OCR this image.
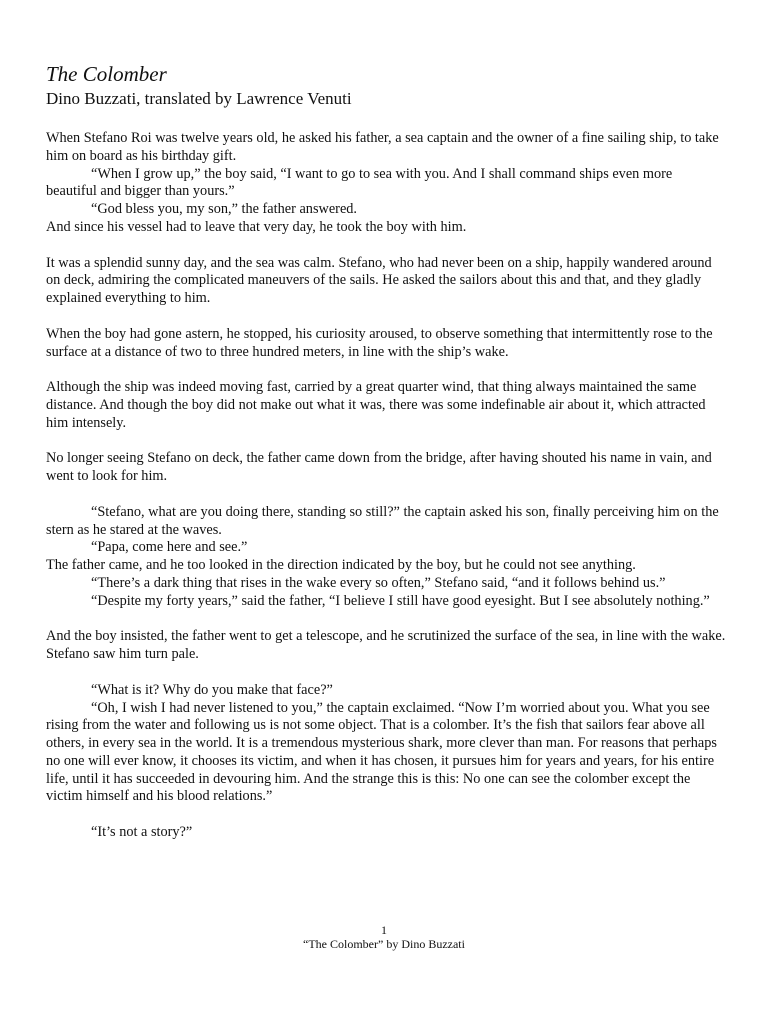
The Colomber
Dino Buzzati, translated by Lawrence Venuti

When Stefano Roi was twelve years old, he asked his father, a sea captain and the owner of a fine sailing ship, to take him on board as his birthday gift.

“When I grow up,” the boy said, “I want to go to sea with you. And I shall command ships even more beautiful and bigger than yours.”

“God bless you, my son,” the father answered.

And since his vessel had to leave that very day, he took the boy with him.

It was a splendid sunny day, and the sea was calm. Stefano, who had never been on a ship, happily wandered around on deck, admiring the complicated maneuvers of the sails. He asked the sailors about this and that, and they gladly explained everything to him.

When the boy had gone astern, he stopped, his curiosity aroused, to observe something that intermittently rose to the surface at a distance of two to three hundred meters, in line with the ship’s wake.

Although the ship was indeed moving fast, carried by a great quarter wind, that thing always maintained the same distance. And though the boy did not make out what it was, there was some indefinable air about it, which attracted him intensely.

No longer seeing Stefano on deck, the father came down from the bridge, after having shouted his name in vain, and went to look for him.

“Stefano, what are you doing there, standing so still?” the captain asked his son, finally perceiving him on the stern as he stared at the waves.

“Papa, come here and see.”

The father came, and he too looked in the direction indicated by the boy, but he could not see anything.

“There’s a dark thing that rises in the wake every so often,” Stefano said, “and it follows behind us.”

“Despite my forty years,” said the father, “I believe I still have good eyesight. But I see absolutely nothing.”

And the boy insisted, the father went to get a telescope, and he scrutinized the surface of the sea, in line with the wake. Stefano saw him turn pale.

“What is it? Why do you make that face?”

“Oh, I wish I had never listened to you,” the captain exclaimed. “Now I’m worried about you. What you see rising from the water and following us is not some object. That is a colomber. It’s the fish that sailors fear above all others, in every sea in the world. It is a tremendous mysterious shark, more clever than man. For reasons that perhaps no one will ever know, it chooses its victim, and when it has chosen, it pursues him for years and years, for his entire life, until it has succeeded in devouring him. And the strange this is this: No one can see the colomber except the victim himself and his blood relations.”

“It’s not a story?”

1
“The Colomber” by Dino Buzzati
